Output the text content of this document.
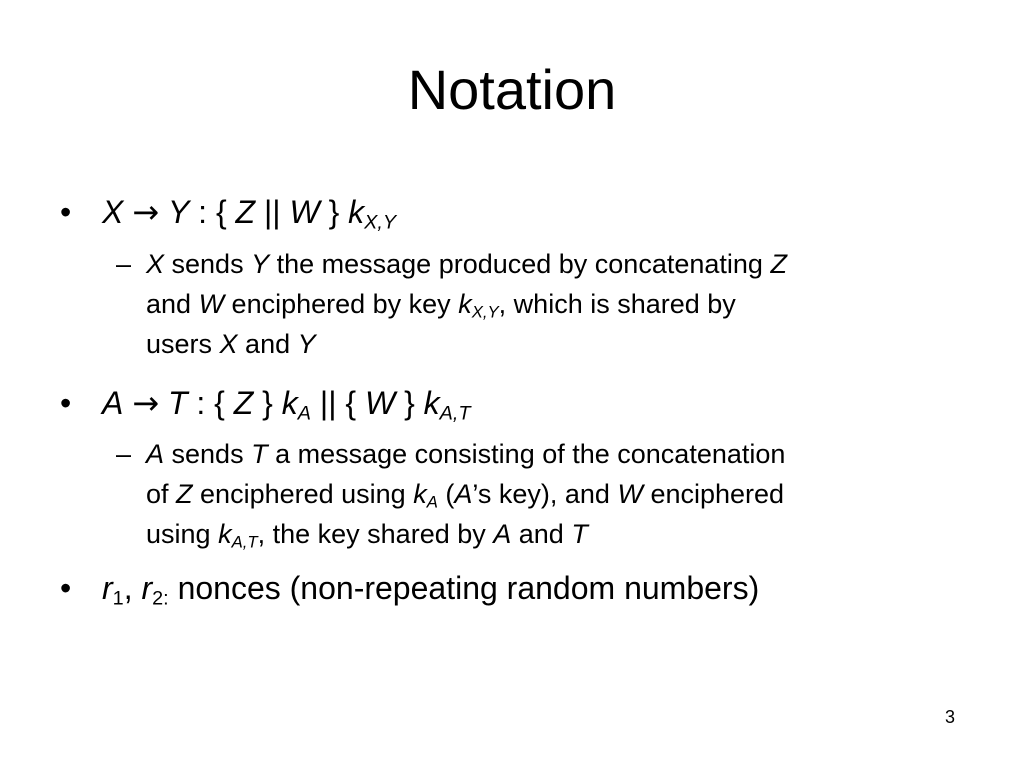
Notation
• X → Y : { Z || W } $k_{X,Y}$
– X sends Y the message produced by concatenating Z
and W enciphered by key $k_{X,Y}$, which is shared by
users X and Y
• A → T : { Z } $k_A$ || { W } $k_{A,T}$
– A sends T a message consisting of the concatenation
of Z enciphered using $k_A$ (A’s key), and W enciphered
using $k_{A,T}$, the key shared by A and T
• $r_1$, $r_{2:}$ nonces (non-repeating random numbers)
3
